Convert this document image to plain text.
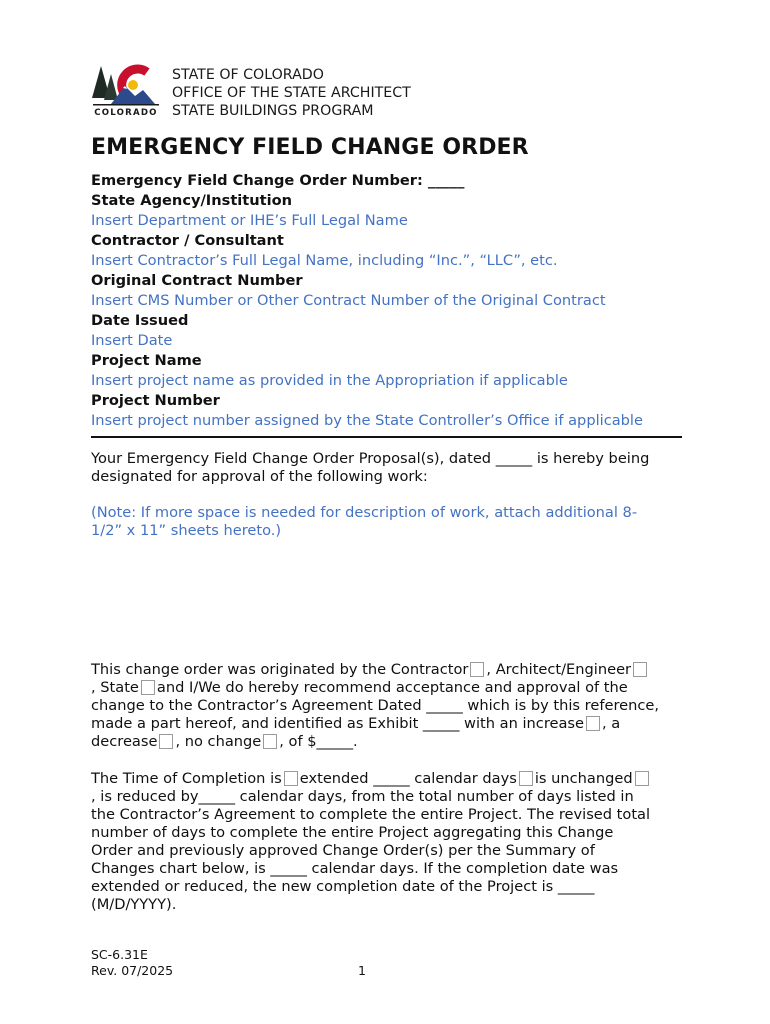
COLORADO
STATE OF COLORADO
OFFICE OF THE STATE ARCHITECT
STATE BUILDINGS PROGRAM
EMERGENCY FIELD CHANGE ORDER
Emergency Field Change Order Number: _____
State Agency/Institution
Insert Department or IHE’s Full Legal Name
Contractor / Consultant
Insert Contractor’s Full Legal Name, including “Inc.”, “LLC”, etc.
Original Contract Number
Insert CMS Number or Other Contract Number of the Original Contract
Date Issued
Insert Date
Project Name
Insert project name as provided in the Appropriation if applicable
Project Number
Insert project number assigned by the State Controller’s Office if applicable
Your Emergency Field Change Order Proposal(s), dated _____ is hereby being
designated for approval of the following work:
(Note: If more space is needed for description of work, attach additional 8-
1/2” x 11” sheets hereto.)
This change order was originated by the Contractor , Architect/Engineer
, State and I/We do hereby recommend acceptance and approval of the
change to the Contractor’s Agreement Dated _____ which is by this reference,
made a part hereof, and identified as Exhibit _____ with an increase , a
decrease , no change , of $_____.
The Time of Completion is extended _____ calendar days is unchanged
, is reduced by_____ calendar days, from the total number of days listed in
the Contractor’s Agreement to complete the entire Project. The revised total
number of days to complete the entire Project aggregating this Change
Order and previously approved Change Order(s) per the Summary of
Changes chart below, is _____ calendar days. If the completion date was
extended or reduced, the new completion date of the Project is _____
(M/D/YYYY).
SC-6.31E
Rev. 07/2025	1
